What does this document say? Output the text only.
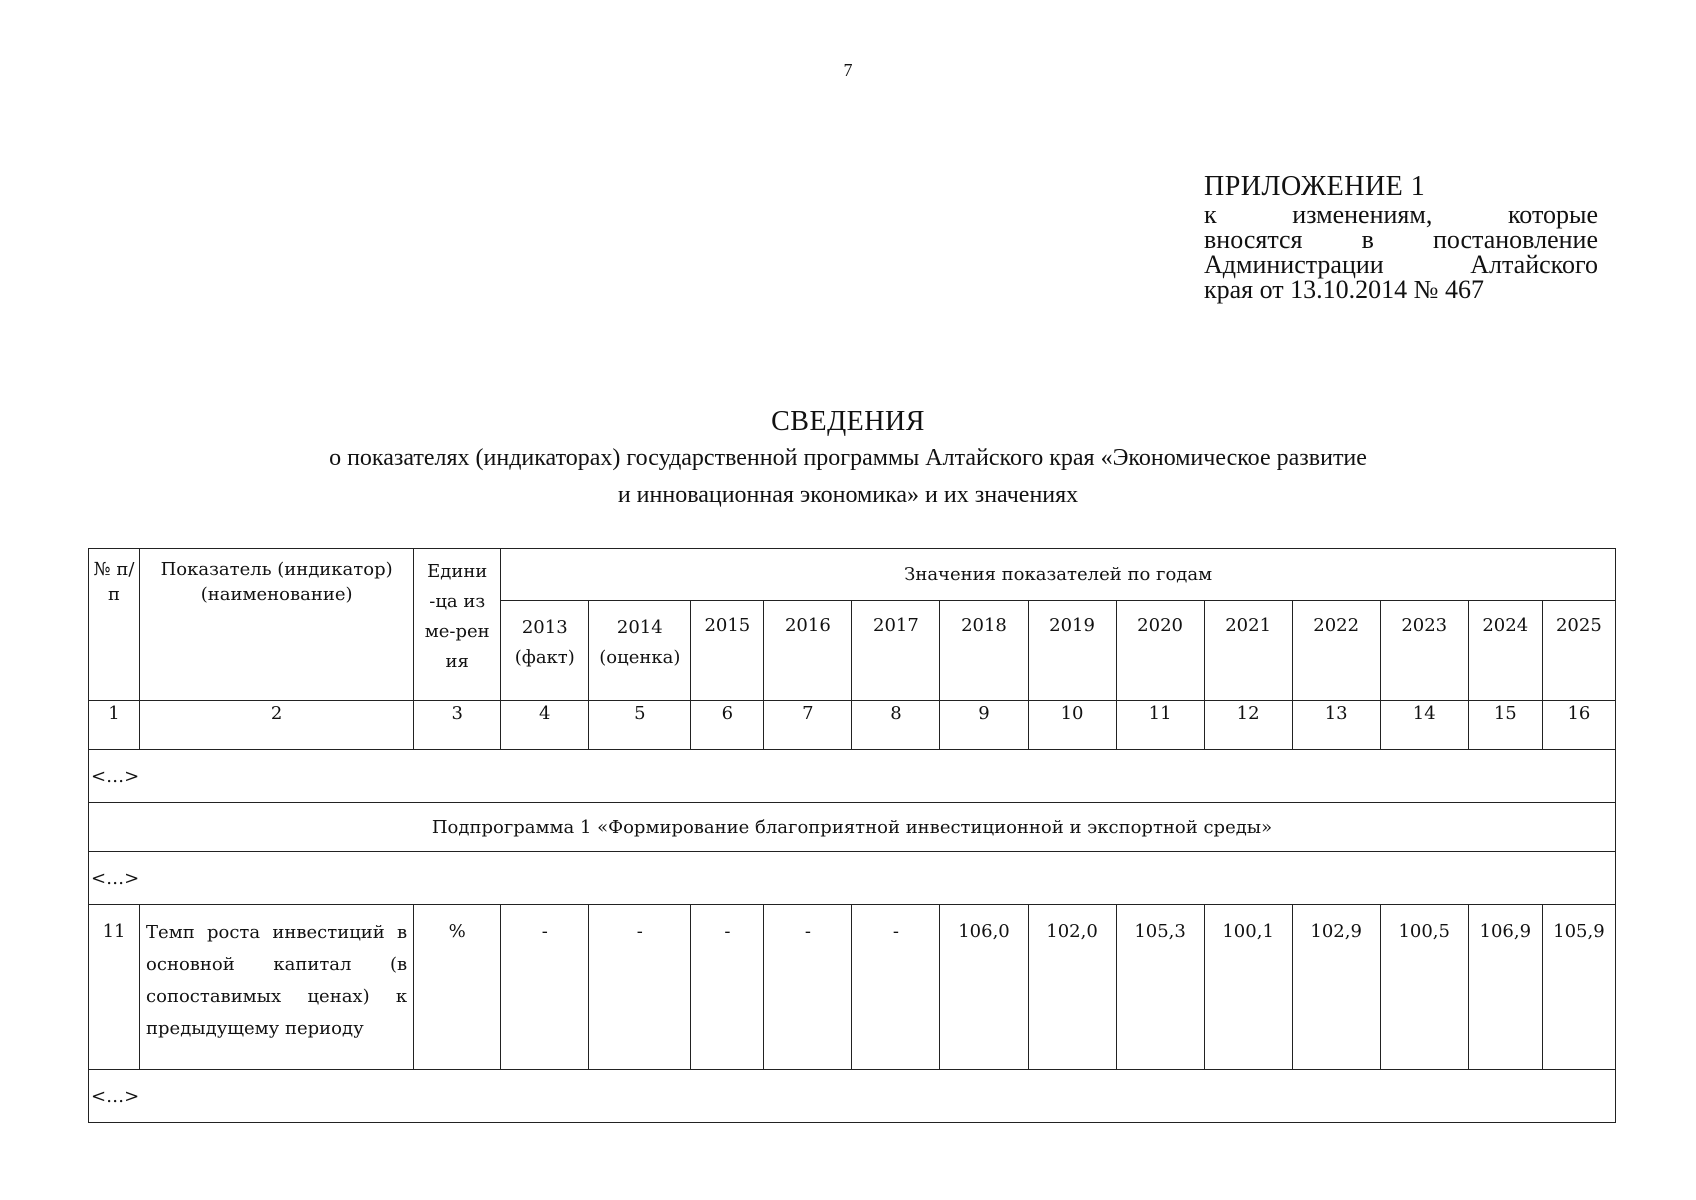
7
ПРИЛОЖЕНИЕ 1
к изменениям, которые
вносятся в постановление
Администрации Алтайского
края от 13.10.2014 № 467
СВЕДЕНИЯ
о показателях (индикаторах) государственной программы Алтайского края «Экономическое развитие
и инновационная экономика» и их значениях
№ п/п	Показатель (индикатор) (наименование)	Едини-ца изме-рения	Значения показателей по годам												
			2013 (факт)	2014 (оценка)	2015	2016	2017	2018	2019	2020	2021	2022	2023	2024	2025
1	2	3	4	5	6	7	8	9	10	11	12	13	14	15	16
<…>															
Подпрограмма 1 «Формирование благоприятной инвестиционной и экспортной среды»															
<…>															
11	Темп роста инвестиций в основной капитал (в сопоставимых ценах) к предыдущему периоду	%	-	-	-	-	-	106,0	102,0	105,3	100,1	102,9	100,5	106,9	105,9
<…>															
